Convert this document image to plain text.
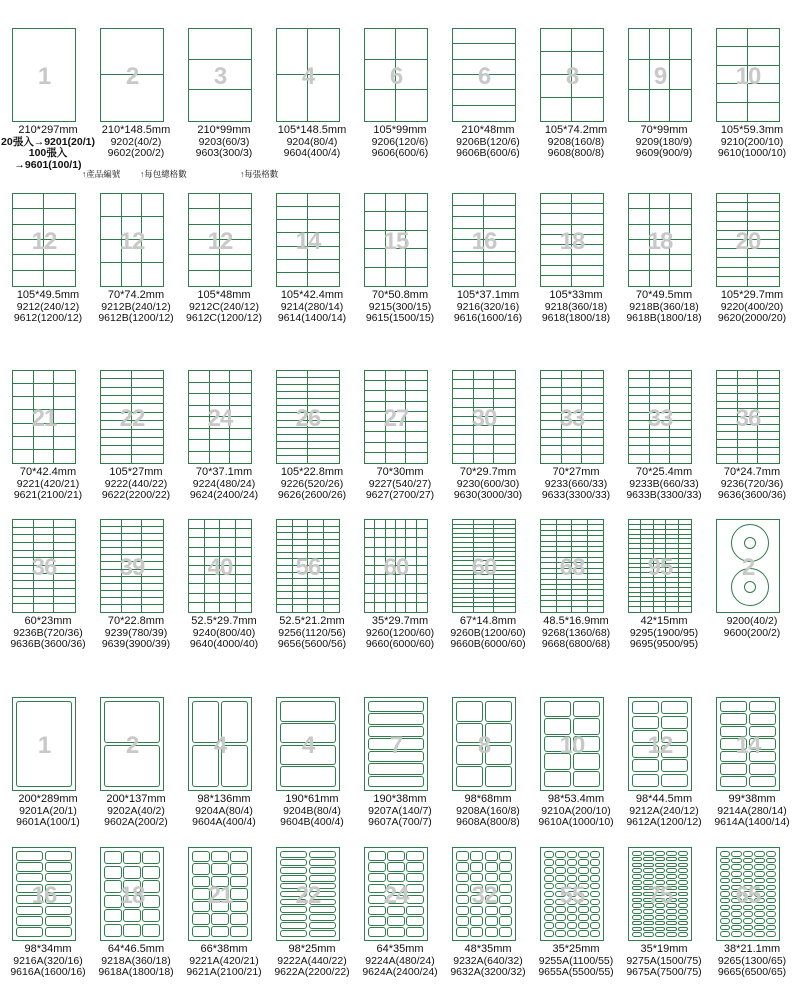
1
210*297mm
20張入→9201(20/1)
100張入→9601(100/1)
2
210*148.5mm
9202(40/2)
9602(200/2)
3
210*99mm
9203(60/3)
9603(300/3)
4
105*148.5mm
9204(80/4)
9604(400/4)
6
105*99mm
9206(120/6)
9606(600/6)
6
210*48mm
9206B(120/6)
9606B(600/6)
8
105*74.2mm
9208(160/8)
9608(800/8)
9
70*99mm
9209(180/9)
9609(900/9)
10
105*59.3mm
9210(200/10)
9610(1000/10)
12
105*49.5mm
9212(240/12)
9612(1200/12)
12
70*74.2mm
9212B(240/12)
9612B(1200/12)
12
105*48mm
9212C(240/12)
9612C(1200/12)
14
105*42.4mm
9214(280/14)
9614(1400/14)
15
70*50.8mm
9215(300/15)
9615(1500/15)
16
105*37.1mm
9216(320/16)
9616(1600/16)
18
105*33mm
9218(360/18)
9618(1800/18)
18
70*49.5mm
9218B(360/18)
9618B(1800/18)
20
105*29.7mm
9220(400/20)
9620(2000/20)
21
70*42.4mm
9221(420/21)
9621(2100/21)
22
105*27mm
9222(440/22)
9622(2200/22)
24
70*37.1mm
9224(480/24)
9624(2400/24)
26
105*22.8mm
9226(520/26)
9626(2600/26)
27
70*30mm
9227(540/27)
9627(2700/27)
30
70*29.7mm
9230(600/30)
9630(3000/30)
33
70*27mm
9233(660/33)
9633(3300/33)
33
70*25.4mm
9233B(660/33)
9633B(3300/33)
36
70*24.7mm
9236(720/36)
9636(3600/36)
36
60*23mm
9236B(720/36)
9636B(3600/36)
39
70*22.8mm
9239(780/39)
9639(3900/39)
40
52.5*29.7mm
9240(800/40)
9640(4000/40)
56
52.5*21.2mm
9256(1120/56)
9656(5600/56)
60
35*29.7mm
9260(1200/60)
9660(6000/60)
60
67*14.8mm
9260B(1200/60)
9660B(6000/60)
68
48.5*16.9mm
9268(1360/68)
9668(6800/68)
95
42*15mm
9295(1900/95)
9695(9500/95)
2
9200(40/2)
9600(200/2)
1
200*289mm
9201A(20/1)
9601A(100/1)
2
200*137mm
9202A(40/2)
9602A(200/2)
4
98*136mm
9204A(80/4)
9604A(400/4)
4
190*61mm
9204B(80/4)
9604B(400/4)
7
190*38mm
9207A(140/7)
9607A(700/7)
8
98*68mm
9208A(160/8)
9608A(800/8)
10
98*53.4mm
9210A(200/10)
9610A(1000/10)
12
98*44.5mm
9212A(240/12)
9612A(1200/12)
14
99*38mm
9214A(280/14)
9614A(1400/14)
16
98*34mm
9216A(320/16)
9616A(1600/16)
18
64*46.5mm
9218A(360/18)
9618A(1800/18)
21
66*38mm
9221A(420/21)
9621A(2100/21)
22
98*25mm
9222A(440/22)
9622A(2200/22)
24
64*35mm
9224A(480/24)
9624A(2400/24)
32
48*35mm
9232A(640/32)
9632A(3200/32)
55
35*25mm
9255A(1100/55)
9655A(5500/55)
75
35*19mm
9275A(1500/75)
9675A(7500/75)
65
38*21.1mm
9265(1300/65)
9665(6500/65)
↑產品編號 ↑每包總格數	↑每張格數
